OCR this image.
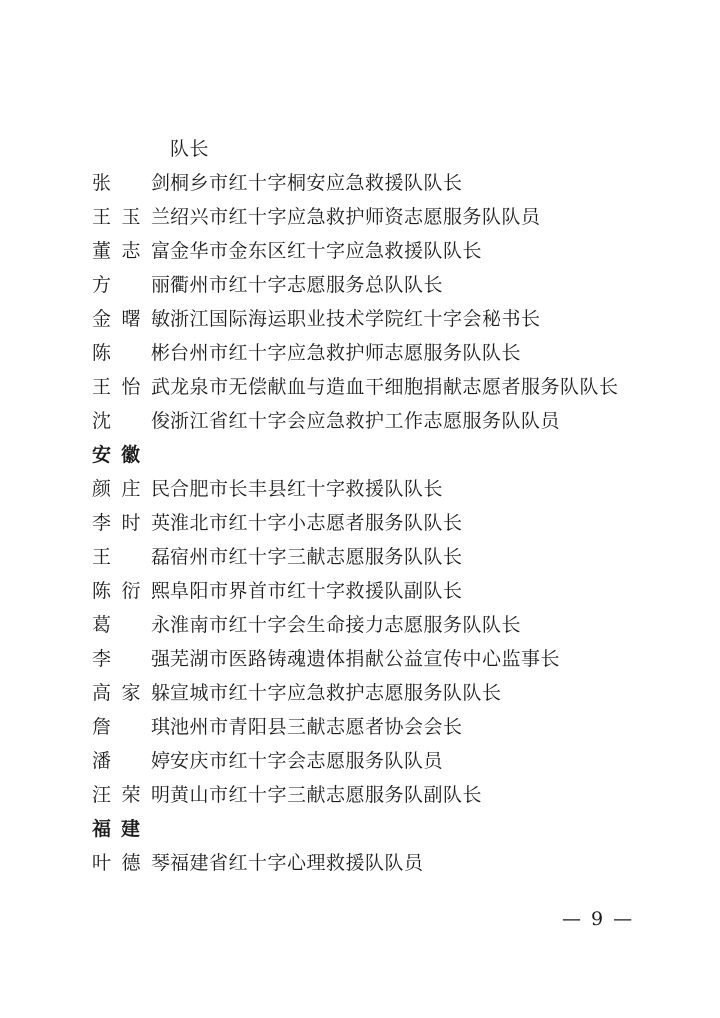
队长
张剑桐乡市红十字桐安应急救援队队长
王玉兰绍兴市红十字应急救护师资志愿服务队队员
董志富金华市金东区红十字应急救援队队长
方丽衢州市红十字志愿服务总队队长
金曙敏浙江国际海运职业技术学院红十字会秘书长
陈彬台州市红十字应急救护师志愿服务队队长
王怡武龙泉市无偿献血与造血干细胞捐献志愿者服务队队长
沈俊浙江省红十字会应急救护工作志愿服务队队员
安徽
颜庄民合肥市长丰县红十字救援队队长
李时英淮北市红十字小志愿者服务队队长
王磊宿州市红十字三献志愿服务队队长
陈衍熙阜阳市界首市红十字救援队副队长
葛永淮南市红十字会生命接力志愿服务队队长
李强芜湖市医路铸魂遗体捐献公益宣传中心监事长
高家躲宣城市红十字应急救护志愿服务队队长
詹琪池州市青阳县三献志愿者协会会长
潘婷安庆市红十字会志愿服务队队员
汪荣明黄山市红十字三献志愿服务队副队长
福建
叶德琴福建省红十字心理救援队队员
— 9 —
